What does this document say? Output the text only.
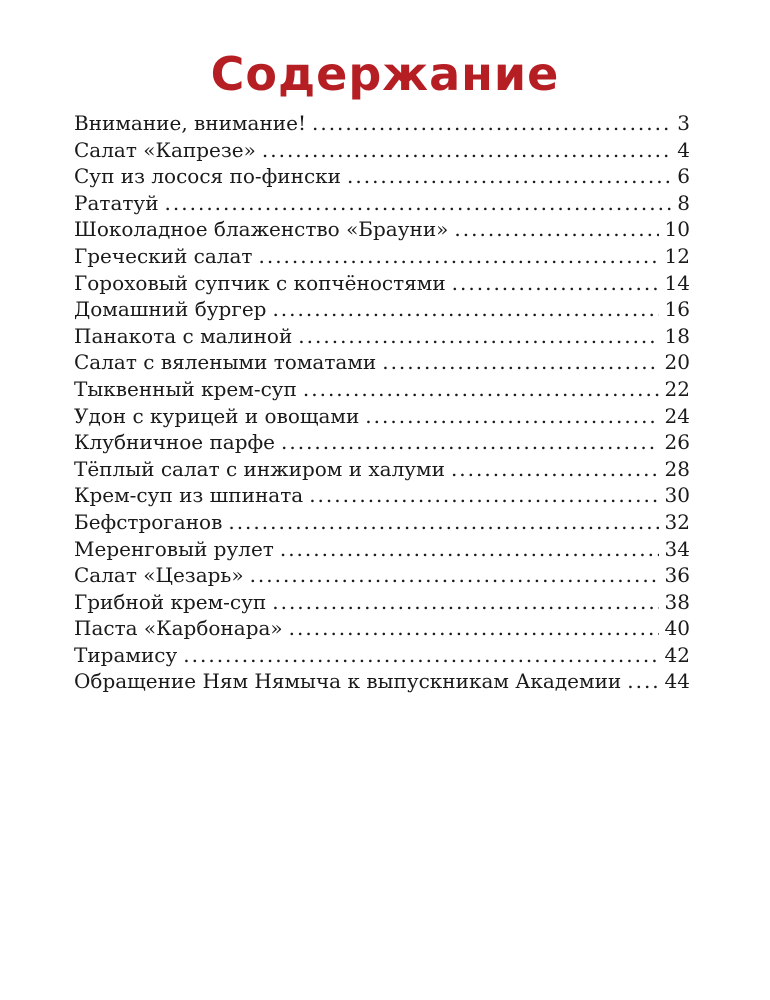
Содержание
Внимание, внимание! .....	3
Салат «Капрезе» .....	4
Суп из лосося по-фински .....	6
Рататуй .....	8
Шоколадное блаженство «Брауни» .....	10
Греческий салат .....	12
Гороховый супчик с копчёностями .....	14
Домашний бургер .....	16
Панакота с малиной .....	18
Салат с вялеными томатами .....	20
Тыквенный крем-суп .....	22
Удон с курицей и овощами .....	24
Клубничное парфе .....	26
Тёплый салат с инжиром и халуми .....	28
Крем-суп из шпината .....	30
Бефстроганов .....	32
Меренговый рулет .....	34
Салат «Цезарь» .....	36
Грибной крем-суп .....	38
Паста «Карбонара» .....	40
Тирамису .....	42
Обращение Ням Нямыча к выпускникам Академии ..... 44
